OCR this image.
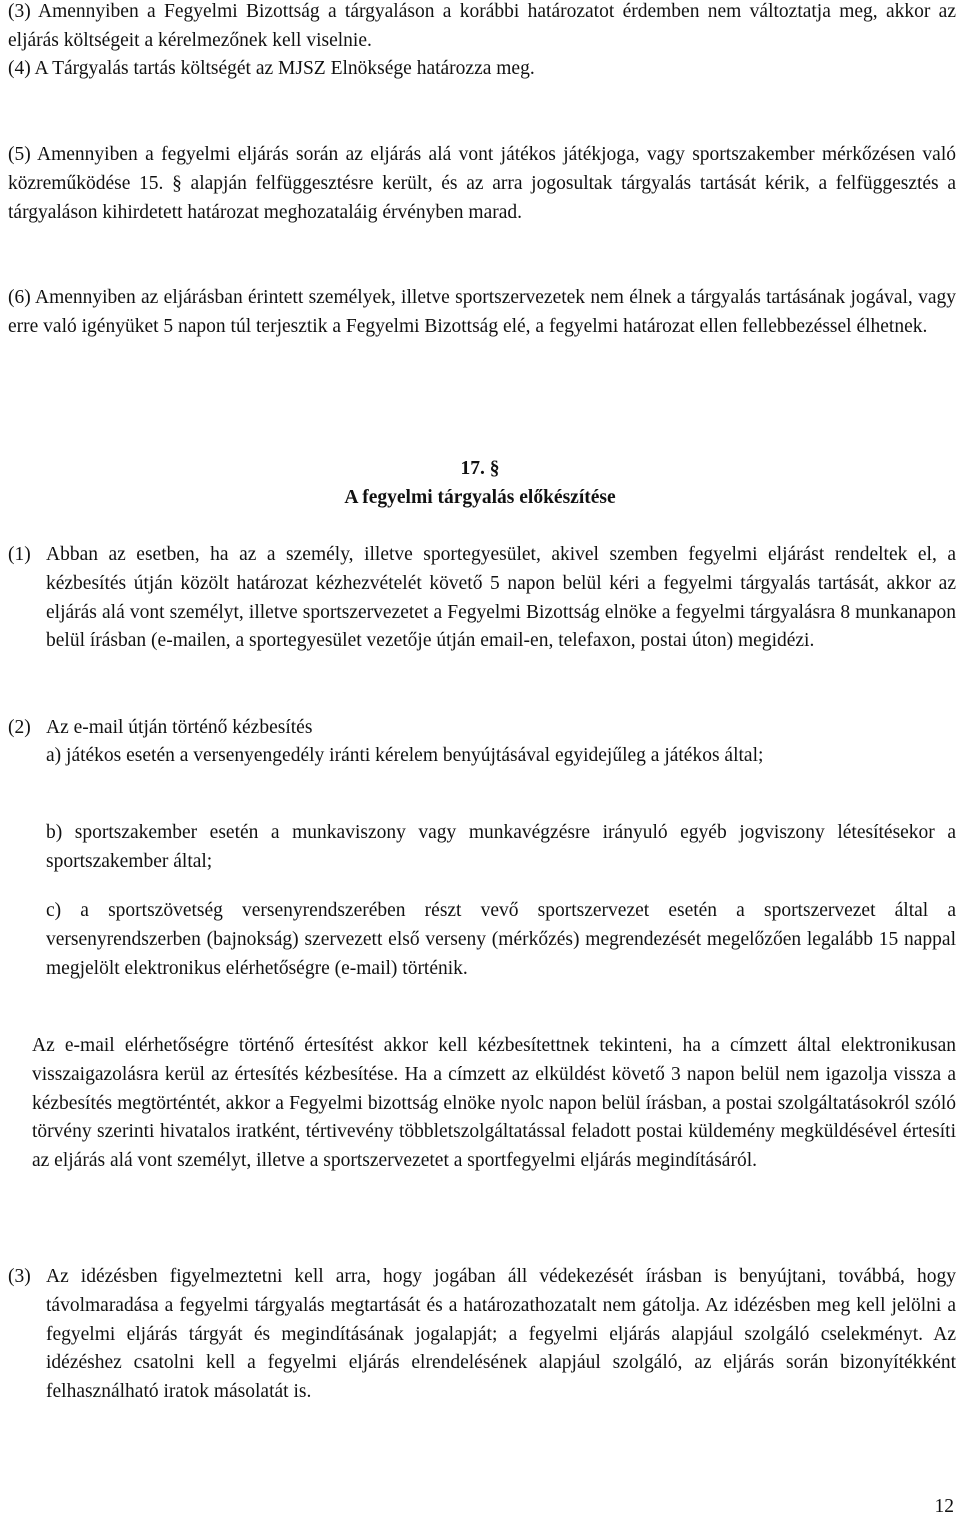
(3) Amennyiben a Fegyelmi Bizottság a tárgyaláson a korábbi határozatot érdemben nem változtatja meg, akkor az eljárás költségeit a kérelmezőnek kell viselnie.

(4) A Tárgyalás tartás költségét az MJSZ Elnöksége határozza meg.

(5) Amennyiben a fegyelmi eljárás során az eljárás alá vont játékos játékjoga, vagy sportszakember mérkőzésen való közreműködése 15. § alapján felfüggesztésre került, és az arra jogosultak tárgyalás tartását kérik, a felfüggesztés a tárgyaláson kihirdetett határozat meghozataláig érvényben marad.

(6) Amennyiben az eljárásban érintett személyek, illetve sportszervezetek nem élnek a tárgyalás tartásának jogával, vagy erre való igényüket 5 napon túl terjesztik a Fegyelmi Bizottság elé, a fegyelmi határozat ellen fellebbezéssel élhetnek.

17. §

A fegyelmi tárgyalás előkészítése

(1) Abban az esetben, ha az a személy, illetve sportegyesület, akivel szemben fegyelmi eljárást rendeltek el, a kézbesítés útján közölt határozat kézhezvételét követő 5 napon belül kéri a fegyelmi tárgyalás tartását, akkor az eljárás alá vont személyt, illetve sportszervezetet a Fegyelmi Bizottság elnöke a fegyelmi tárgyalásra 8 munkanapon belül írásban (e-mailen, a sportegyesület vezetője útján email-en, telefaxon, postai úton) megidézi.
(2) Az e-mail útján történő kézbesítés

a) játékos esetén a versenyengedély iránti kérelem benyújtásával egyidejűleg a játékos által;

b) sportszakember esetén a munkaviszony vagy munkavégzésre irányuló egyéb jogviszony létesítésekor a sportszakember által;

c) a sportszövetség versenyrendszerében részt vevő sportszervezet esetén a sportszervezet által a versenyrendszerben (bajnokság) szervezett első verseny (mérkőzés) megrendezését megelőzően legalább 15 nappal megjelölt elektronikus elérhetőségre (e-mail) történik.

Az e-mail elérhetőségre történő értesítést akkor kell kézbesítettnek tekinteni, ha a címzett által elektronikusan visszaigazolásra kerül az értesítés kézbesítése. Ha a címzett az elküldést követő 3 napon belül nem igazolja vissza a kézbesítés megtörténtét, akkor a Fegyelmi bizottság elnöke nyolc napon belül írásban, a postai szolgáltatásokról szóló törvény szerinti hivatalos iratként, tértivevény többletszolgáltatással feladott postai küldemény megküldésével értesíti az eljárás alá vont személyt, illetve a sportszervezetet a sportfegyelmi eljárás megindításáról.

(3) Az idézésben figyelmeztetni kell arra, hogy jogában áll védekezését írásban is benyújtani, továbbá, hogy távolmaradása a fegyelmi tárgyalás megtartását és a határozathozatalt nem gátolja. Az idézésben meg kell jelölni a fegyelmi eljárás tárgyát és megindításának jogalapját; a fegyelmi eljárás alapjául szolgáló cselekményt. Az idézéshez csatolni kell a fegyelmi eljárás elrendelésének alapjául szolgáló, az eljárás során bizonyítékként felhasználható iratok másolatát is.
12
